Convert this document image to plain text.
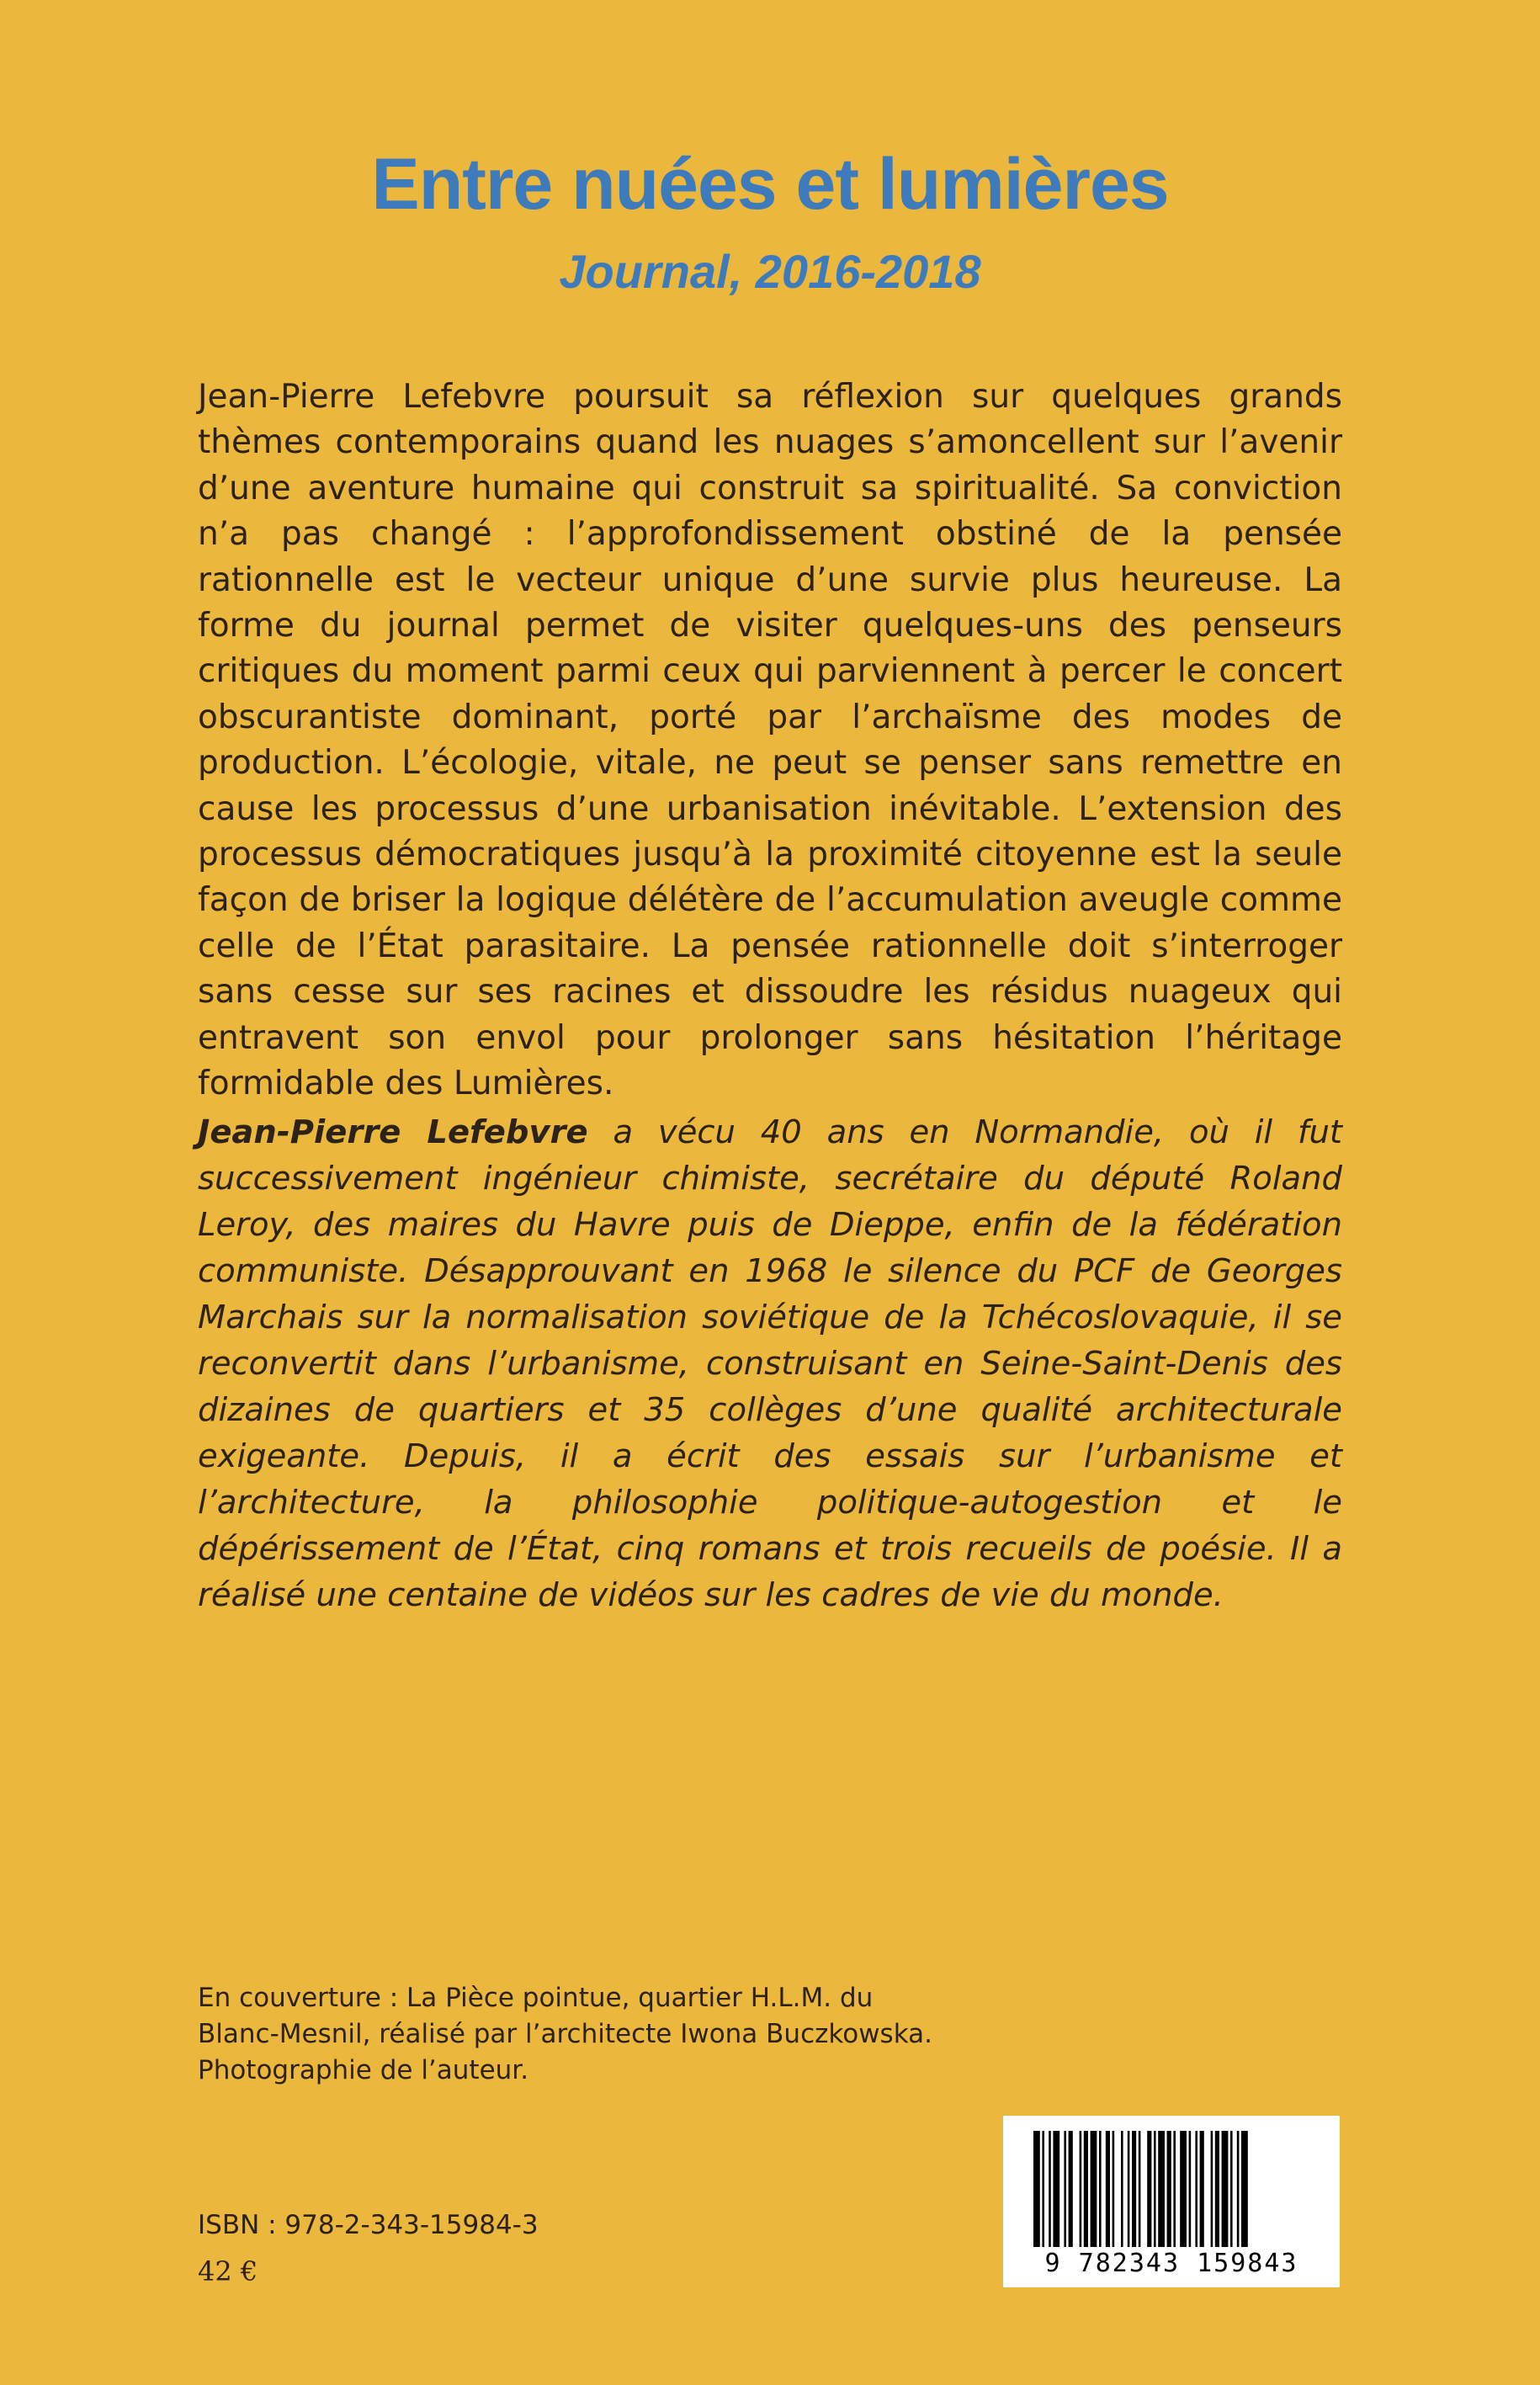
Entre nuées et lumières
Journal, 2016-2018
Jean-Pierre Lefebvre poursuit sa réflexion sur quelques grands thèmes contemporains quand les nuages s’amoncellent sur l’avenir d’une aventure humaine qui construit sa spiritualité. Sa conviction n’a pas changé : l’approfondissement obstiné de la pensée rationnelle est le vecteur unique d’une survie plus heureuse. La forme du journal permet de visiter quelques-uns des penseurs critiques du moment parmi ceux qui parviennent à percer le concert obscurantiste dominant, porté par l’archaïsme des modes de production. L’écologie, vitale, ne peut se penser sans remettre en cause les processus d’une urbanisation inévitable. L’extension des processus démocratiques jusqu’à la proximité citoyenne est la seule façon de briser la logique délétère de l’accumulation aveugle comme celle de l’État parasitaire. La pensée rationnelle doit s’interroger sans cesse sur ses racines et dissoudre les résidus nuageux qui entravent son envol pour prolonger sans hésitation l’héritage formidable des Lumières.
Jean-Pierre Lefebvre a vécu 40 ans en Normandie, où il fut successivement ingénieur chimiste, secrétaire du député Roland Leroy, des maires du Havre puis de Dieppe, enfin de la fédération communiste. Désapprouvant en 1968 le silence du PCF de Georges Marchais sur la normalisation soviétique de la Tchécoslovaquie, il se reconvertit dans l’urbanisme, construisant en Seine-Saint-Denis des dizaines de quartiers et 35 collèges d’une qualité architecturale exigeante. Depuis, il a écrit des essais sur l’urbanisme et l’architecture, la philosophie politique-autogestion et le dépérissement de l’État, cinq romans et trois recueils de poésie. Il a réalisé une centaine de vidéos sur les cadres de vie du monde.
En couverture : La Pièce pointue, quartier H.L.M. du Blanc-Mesnil, réalisé par l’architecte Iwona Buczkowska. Photographie de l’auteur.
ISBN : 978-2-343-15984-3
42 €	9 782343 159843
